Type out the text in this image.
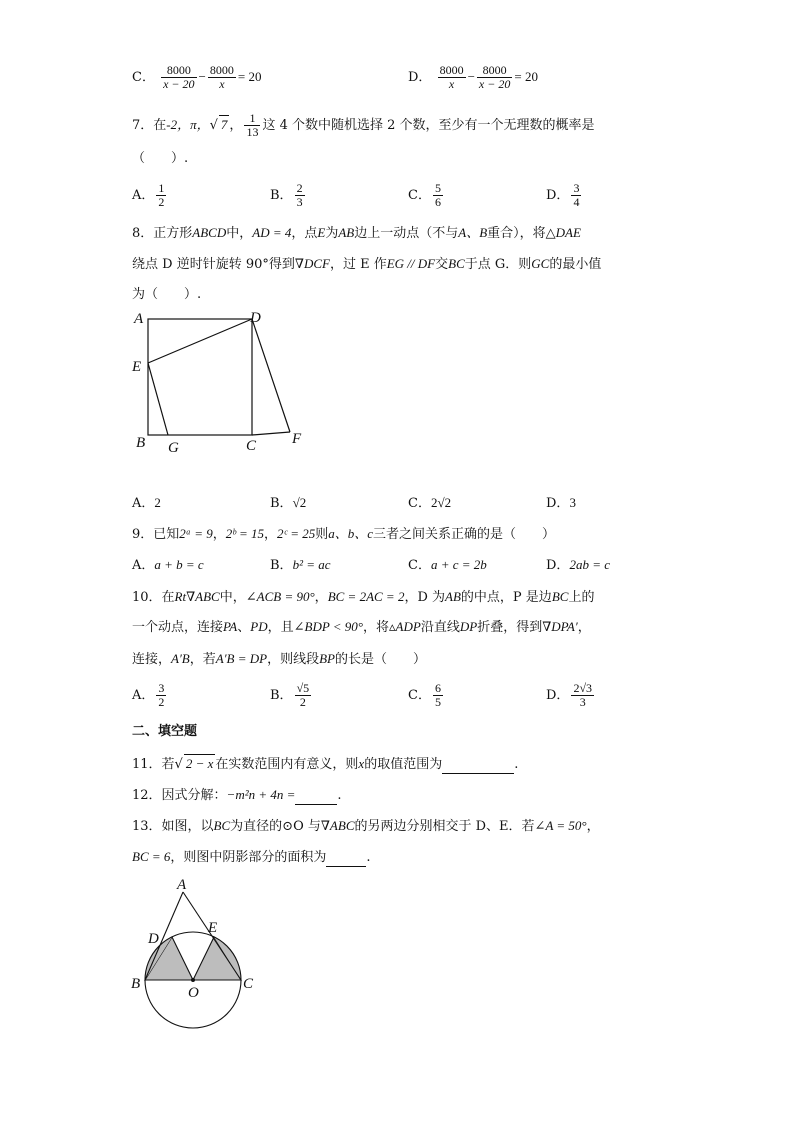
C． $\frac{8000}{x - 20} - \frac{8000}{x} = 20$	D． $\frac{8000}{x} - \frac{8000}{x - 20} = 20$
7．在-2，π，√ 7 ， $\frac{1}{13}$ 这 4 个数中随机选择 2 个数，至少有一个无理数的概率是
（　　）.
A． $\frac{1}{2}$	B． $\frac{2}{3}$	C． $\frac{5}{6}$	D． $\frac{3}{4}$
8．正方形ABCD中，AD = 4，点E为AB边上一动点（不与A、B重合），将△DAE
绕点 D 逆时针旋转 90°得到∇DCF，过 E 作EG // DF交BC于点 G．则GC的最小值
为（　　）.
A	D
E
B G	C F
A．2	B．√2	C．2√2	D．3
9．已知2ᵃ = 9，2ᵇ = 15，2ᶜ = 25则a、b、c三者之间关系正确的是（　　）
A．a + b = c	B．b² = ac	C．a + c = 2b	D．2ab = c
10．在Rt∇ABC中，∠ACB = 90°，BC = 2AC = 2，D 为AB的中点，P 是边BC上的
一个动点，连接PA、PD，且∠BDP < 90°，将▵ADP沿直线DP折叠，得到∇DPA′，
连接，A′B，若A′B = DP，则线段BP的长是（　　）
A． $\frac{3}{2}$	B． $\frac{√5}{2}$	C． $\frac{6}{5}$	D． $\frac{2√3}{3}$
二、填空题
11．若√ 2 − x 在实数范围内有意义，则x的取值范围为	.
12．因式分解：−m²n + 4n =	.
13．如图，以BC为直径的⊙O 与∇ABC的另两边分别相交于 D、E．若∠A = 50°，
BC = 6，则图中阴影部分的面积为	.
A
D
E
B
O
C
